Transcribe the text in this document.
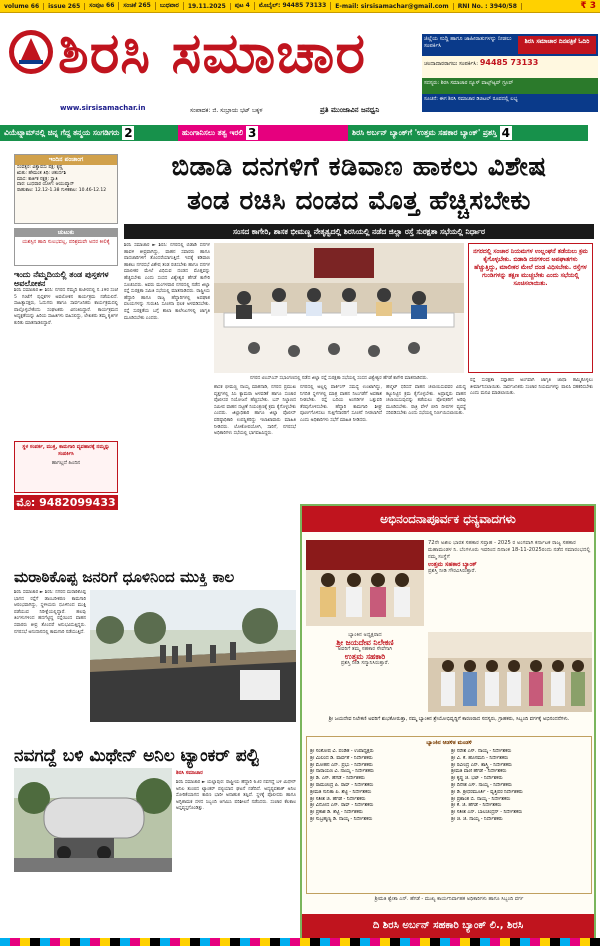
volume 66	issue 265	ಸಂಪುಟ 66	ಸಂಚಿಕೆ 265	ಬುಧವಾರ	19.11.2025	ಪುಟ 4	ಮೊಬೈಲ್: 94485 73133	E-mail: sirsisamachar@gmail.com	RNI No. : 3940/58	₹ 3
ಶಿರಸಿ ಸಮಾಚಾರ
www.sirsisamachar.in	ಸಂಪಾದಕ: ಜಿ. ಸುಬ್ರಾಯ ಭಟ್ ಬಕ್ಕಳ	ಪ್ರತಿ ಮುಂಜಾವಿನ ಜನಧ್ವನಿ
ಜಿಲ್ಲೆಯ ಸುದ್ದಿ ಹಾಗೂ ಜಾಹೀರಾತುಗಳನ್ನು ನೀಡಲು ಸಂಪರ್ಕಿಸಿ
ಶಿರಸಿ ಸಮಾಚಾರ ದಿನಪತ್ರಿಕೆ ಓದಿರಿ
ಚಂದಾದಾರರಾಗಲು ಸಂಪರ್ಕಿಸಿ: 94485 73133
ಸದಸ್ಯರು: ಶಿರಸಿ ಸಮಾಚಾರ ನ್ಯೂಸ್ ವಾಟ್ಸ್ಆ್ಯಪ್ ಗ್ರೂಪ್
ಸೂಚನೆ: ಈಗ ಶಿರಸಿ ಸಮಾಚಾರ ಡಿಜಿಟಲ್ ರೂಪದಲ್ಲಿ ಲಭ್ಯ
ವಿಯೆಟ್ನಾಮ್‌ನಲ್ಲಿ ಚಿನ್ನ ಗೆದ್ದ ತನ್ಮಯ ಸಂಗಡಿಗರು 2	ಹುಂಗಾನಿಸಲು ತತ್ವ ಇರಲಿ 3	ಶಿರಸಿ ಅರ್ಬನ್ ಬ್ಯಾಂಕ್‌ಗೆ 'ಉತ್ತಮ ಸಹಕಾರ ಬ್ಯಾಂಕ್' ಪ್ರಶಸ್ತಿ 4
ಇಂದಿನ ಪಂಚಾಂಗ
ಸಂವತ್ಸರ: ವಿಶ್ವಾವಸು ಪಕ್ಷ: ಕೃಷ್ಣ
ಋತು: ಹೇಮಂತ ತಿಥಿ: ಚತುರ್ದಶಿ
ಮಾಸ: ಕಾರ್ತಿಕ ನಕ್ಷತ್ರ: ಸ್ವಾತಿ
ವಾರ: ಬುಧವಾರ ಯೋಗ: ಆಯುಷ್ಮಾನ್
ರಾಹುಕಾಲ: 12.12-1.38 ಗುಳಿಕಕಾಲ: 10.46-12.12
ಚುಟುಕು
ಯಶಸ್ಸಿನ ಹಾದಿ ಸುಲಭವಲ್ಲ, ಪರಿಶ್ರಮವೇ ಅದರ ಕೀಲಿಕೈ
ಇಂದು ನೆಮ್ಮದಿಯಲ್ಲಿ ತಂಡ ಪುಸ್ತಕಗಳ ಅವಲೋಕನ
ಶಿರಸಿ ಸಮಾಚಾರ ► ಶಿರಸಿ: ನಗರದ ನೆಮ್ಮದಿ ಕುಟೀರದಲ್ಲಿ ನ.19ರ ಸಂಜೆ 5 ಗಂಟೆಗೆ ಪುಸ್ತಕಗಳ ಅವಲೋಕನ ಕಾರ್ಯಕ್ರಮ ನಡೆಯಲಿದೆ. ಸಾಹಿತ್ಯಾಸಕ್ತರು, ಓದುಗರು ಹಾಗೂ ಸಾರ್ವಜನಿಕರು ಕಾರ್ಯಕ್ರಮದಲ್ಲಿ ಪಾಲ್ಗೊಳ್ಳಬೇಕೆಂದು ಸಂಘಟಕರು ವಿನಂತಿಸಿದ್ದಾರೆ. ಕಾರ್ಯಕ್ರಮದ ಅಧ್ಯಕ್ಷತೆಯನ್ನು ಹಿರಿಯ ಸಾಹಿತಿಗಳು ವಹಿಸಲಿದ್ದು, ಲೇಖಕರು ತಮ್ಮ ಕೃತಿಗಳ ಕುರಿತು ಮಾತನಾಡಲಿದ್ದಾರೆ.
ಸ್ಥಳ ಸಂಪರ್ಕ, ಮುಕ್ತ, ಕಾಮಗಾರಿ ವ್ಯವಹಾರಕ್ಕೆ ನಮ್ಮನ್ನು ಸಂಪರ್ಕಿಸಿ
ಹಾಗಲ್ಲದೆ ಹಿಂದಿನ
ಮೊ: 9482099433
ಬಿಡಾಡಿ ದನಗಳಿಗೆ ಕಡಿವಾಣ ಹಾಕಲು ವಿಶೇಷ
ತಂಡ ರಚಿಸಿ ದಂಡದ ಮೊತ್ತ ಹೆಚ್ಚಿಸಬೇಕು
ಸಂಸದ ಕಾಗೇರಿ, ಶಾಸಕ ಭೀಮಣ್ಣ ನೇತೃತ್ವದಲ್ಲಿ ಶಿರಸಿಯಲ್ಲಿ ನಡೆದ ಜಿಲ್ಲಾ ರಸ್ತೆ ಸುರಕ್ಷತಾ ಸಭೆಯಲ್ಲಿ ನಿರ್ಧಾರ
ಶಿರಸಿ ಸಮಾಚಾರ ► ಶಿರಸಿ: ನಗರದಲ್ಲಿ ಬಿಡಾಡಿ ದನಗಳ ಹಾವಳಿ ತೀವ್ರವಾಗಿದ್ದು, ವಾಹನ ಸವಾರರು ಹಾಗೂ ಪಾದಚಾರಿಗಳಿಗೆ ತೊಂದರೆಯಾಗುತ್ತಿದೆ. ಇದಕ್ಕೆ ಕಡಿವಾಣ ಹಾಕಲು ನಗರಸಭೆ ವಿಶೇಷ ತಂಡ ರಚಿಸಬೇಕು ಹಾಗೂ ದನಗಳ ಮಾಲೀಕರ ಮೇಲೆ ವಿಧಿಸುವ ದಂಡದ ಮೊತ್ತವನ್ನು ಹೆಚ್ಚಿಸಬೇಕು ಎಂದು ಸಂಸದ ವಿಶ್ವೇಶ್ವರ ಹೆಗಡೆ ಕಾಗೇರಿ ಸೂಚಿಸಿದರು. ಅವರು ಮಂಗಳವಾರ ನಗರದಲ್ಲಿ ನಡೆದ ಜಿಲ್ಲಾ ರಸ್ತೆ ಸುರಕ್ಷತಾ ಸಮಿತಿ ಸಭೆಯಲ್ಲಿ ಮಾತನಾಡಿದರು. ರಾಷ್ಟ್ರೀಯ ಹೆದ್ದಾರಿ ಹಾಗೂ ರಾಜ್ಯ ಹೆದ್ದಾರಿಗಳಲ್ಲಿ ಅಪಘಾತ ವಲಯಗಳನ್ನು ಗುರುತಿಸಿ ಸೂಚನಾ ಫಲಕ ಅಳವಡಿಸಬೇಕು. ರಸ್ತೆ ಸುರಕ್ಷತೆಯ ಬಗ್ಗೆ ಶಾಲಾ ಕಾಲೇಜುಗಳಲ್ಲಿ ಜಾಗೃತಿ ಮೂಡಿಸಬೇಕು ಎಂದರು.
ನಗರದ ಟಿಎಸ್‌ಎಸ್ ಸಭಾಂಗಣದಲ್ಲಿ ನಡೆದ ಜಿಲ್ಲಾ ರಸ್ತೆ ಸುರಕ್ಷತಾ ಸಭೆಯಲ್ಲಿ ಸಂಸದ ವಿಶ್ವೇಶ್ವರ ಹೆಗಡೆ ಕಾಗೇರಿ ಮಾತನಾಡಿದರು.

ನಗರದಲ್ಲಿ ಸಂಚಾರ ನಿಯಮಗಳ ಉಲ್ಲಂಘನೆ ತಡೆಯಲು ಕ್ರಮ ಕೈಗೊಳ್ಳಬೇಕು. ಬಿಡಾಡಿ ದನಗಳಿಂದ ಅಪಘಾತಗಳು ಹೆಚ್ಚುತ್ತಿದ್ದು, ಮಾಲೀಕರ ಮೇಲೆ ದಂಡ ವಿಧಿಸಬೇಕು. ರಸ್ತೆಗಳ ಗುಂಡಿಗಳನ್ನು ತಕ್ಷಣ ಮುಚ್ಚಬೇಕು ಎಂದು ಸಭೆಯಲ್ಲಿ ಸೂಚಿಸಲಾಯಿತು.

ಶಾಸಕ ಭೀಮಣ್ಣ ನಾಯ್ಕ ಮಾತನಾಡಿ, ನಗರದ ಪ್ರಮುಖ ವೃತ್ತಗಳಲ್ಲಿ ಸಿಸಿ ಕ್ಯಾಮರಾ ಅಳವಡಿಕೆ ಹಾಗೂ ಸಂಚಾರ ಪೊಲೀಸರ ನಿಯೋಜನೆ ಹೆಚ್ಚಿಸಬೇಕು. ಬಸ್ ನಿಲ್ದಾಣದ ಸಮೀಪ ವಾಹನ ದಟ್ಟಣೆ ನಿಯಂತ್ರಣಕ್ಕೆ ಕ್ರಮ ಕೈಗೊಳ್ಳಬೇಕು ಎಂದರು. ಜಿಲ್ಲಾಧಿಕಾರಿ ಹಾಗೂ ಜಿಲ್ಲಾ ಪೊಲೀಸ್ ವರಿಷ್ಠಾಧಿಕಾರಿ ಉಪಸ್ಥಿತರಿದ್ದು ಇಲಾಖಾವಾರು ಮಾಹಿತಿ ನೀಡಿದರು. ಲೋಕೋಪಯೋಗಿ, ಸಾರಿಗೆ, ನಗರಸಭೆ ಅಧಿಕಾರಿಗಳು ಸಭೆಯಲ್ಲಿ ಭಾಗವಹಿಸಿದ್ದರು.
ನಗರದಲ್ಲಿ ಅಲ್ಲಲ್ಲಿ ಪಾರ್ಕಿಂಗ್ ಸಮಸ್ಯೆ ಉಂಟಾಗಿದ್ದು, ನಿಗದಿತ ಸ್ಥಳಗಳಲ್ಲಿ ಮಾತ್ರ ವಾಹನ ನಿಲುಗಡೆಗೆ ಅವಕಾಶ ನೀಡಬೇಕು. ರಸ್ತೆ ಬದಿಯ ಅಂಗಡಿಗಳ ಒತ್ತುವರಿ ತೆರವುಗೊಳಿಸಬೇಕು. ಹೆದ್ದಾರಿ ಕಾಮಗಾರಿ ಶೀಘ್ರ ಪೂರ್ಣಗೊಳಿಸಲು ಗುತ್ತಿಗೆದಾರರಿಗೆ ಸೂಚನೆ ನೀಡಲಾಗಿದೆ ಎಂದು ಅಧಿಕಾರಿಗಳು ಸಭೆಗೆ ಮಾಹಿತಿ ನೀಡಿದರು.
ಹೆಲ್ಮೆಟ್ ಧರಿಸದೆ ವಾಹನ ಚಲಾಯಿಸುವವರ ವಿರುದ್ಧ ಕಟ್ಟುನಿಟ್ಟಿನ ಕ್ರಮ ಕೈಗೊಳ್ಳಬೇಕು. ಅಪ್ರಾಪ್ತರು ವಾಹನ ಚಲಾಯಿಸುವುದನ್ನು ತಡೆಯಲು ಪೋಷಕರಿಗೆ ಅರಿವು ಮೂಡಿಸಬೇಕು. ರಾತ್ರಿ ವೇಳೆ ಬೀದಿ ದೀಪಗಳ ವ್ಯವಸ್ಥೆ ಸರಿಪಡಿಸಬೇಕು ಎಂದು ಸಭೆಯಲ್ಲಿ ನಿರ್ಣಯಿಸಲಾಯಿತು.
ರಸ್ತೆ ಸುರಕ್ಷತಾ ಸಪ್ತಾಹದ ಅಂಗವಾಗಿ ಜಾಗೃತಿ ಜಾಥಾ ಹಮ್ಮಿಕೊಳ್ಳಲು ತೀರ್ಮಾನಿಸಲಾಯಿತು. ಸಾರ್ವಜನಿಕರು ಸಂಚಾರ ನಿಯಮಗಳನ್ನು ಪಾಲಿಸಿ ಸಹಕರಿಸಬೇಕು ಎಂದು ಮನವಿ ಮಾಡಲಾಯಿತು.
ಮರಾಠಿಕೊಪ್ಪ ಜನರಿಗೆ ಧೂಳಿನಿಂದ ಮುಕ್ತಿ ಕಾಲ
ಶಿರಸಿ ಸಮಾಚಾರ ► ಶಿರಸಿ: ನಗರದ ಮರಾಠಿಕೊಪ್ಪ ಭಾಗದ ರಸ್ತೆಗೆ ಡಾಂಬರೀಕರಣ ಕಾಮಗಾರಿ ಆರಂಭವಾಗಿದ್ದು, ಸ್ಥಳೀಯರು ಧೂಳಿನಿಂದ ಮುಕ್ತಿ ಪಡೆಯುವ ನಿರೀಕ್ಷೆಯಲ್ಲಿದ್ದಾರೆ. ಹಲವು ತಿಂಗಳುಗಳಿಂದ ಹದಗೆಟ್ಟಿದ್ದ ರಸ್ತೆಯಿಂದ ವಾಹನ ಸವಾರರು ತೀವ್ರ ತೊಂದರೆ ಅನುಭವಿಸುತ್ತಿದ್ದರು. ನಗರಸಭೆ ಅನುದಾನದಲ್ಲಿ ಕಾಮಗಾರಿ ನಡೆಯುತ್ತಿದೆ.
ನವಗದ್ದೆ ಬಳಿ ಮಿಥೇನ್ ಅನಿಲ ಟ್ಯಾಂಕರ್ ಪಲ್ಟಿ
ಶಿರಸಿ ಸಮಾಚಾರ
ಶಿರಸಿ ಸಮಾಚಾರ ► ಯಲ್ಲಾಪುರ: ರಾಷ್ಟ್ರೀಯ ಹೆದ್ದಾರಿ 63ರ ನವಗದ್ದೆ ಬಳಿ ಮಿಥೇನ್ ಅನಿಲ ತುಂಬಿದ ಟ್ಯಾಂಕರ್ ಪಲ್ಟಿಯಾದ ಘಟನೆ ನಡೆದಿದೆ. ಅದೃಷ್ಟವಶಾತ್ ಅನಿಲ ಸೋರಿಕೆಯಾಗದ ಕಾರಣ ಭಾರೀ ಅನಾಹುತ ತಪ್ಪಿದೆ. ಸ್ಥಳಕ್ಕೆ ಪೊಲೀಸರು ಹಾಗೂ ಅಗ್ನಿಶಾಮಕ ದಳದ ಸಿಬ್ಬಂದಿ ಆಗಮಿಸಿ ಪರಿಶೀಲನೆ ನಡೆಸಿದರು. ಸಂಚಾರ ಕೆಲಕಾಲ ಅಸ್ತವ್ಯಸ್ತಗೊಂಡಿತ್ತು.
ಅಭಿನಂದನಾಪೂರ್ವಕ ಧನ್ಯವಾದಗಳು
72ನೇ ಅಖಿಲ ಭಾರತ ಸಹಕಾರ ಸಪ್ತಾಹ - 2025 ರ ಅಂಗವಾಗಿ ಕರ್ನಾಟಕ ರಾಜ್ಯ ಸಹಕಾರ ಮಹಾಮಂಡಳ ನಿ. ಬೆಂಗಳೂರು ಇವರಿಂದ ದಿನಾಂಕ 18-11-2025ರಂದು ನಡೆದ ಸಮಾರಂಭದಲ್ಲಿ ನಮ್ಮ ಸಂಸ್ಥೆಗೆ
ಉತ್ತಮ ಸಹಕಾರ ಬ್ಯಾಂಕ್
ಪ್ರಶಸ್ತಿ ನೀಡಿ ಗೌರವಿಸಿರುತ್ತಾರೆ.
ಬ್ಯಾಂಕಿನ ಅಧ್ಯಕ್ಷರಾದ
ಶ್ರೀ ಜಯದೇವ ನಿಲೇಕಣಿ
ಅವರಿಗೆ ತಮ್ಮ ಸಹಕಾರ ಸೇವೆಗಾಗಿ
ಉತ್ತಮ ಸಹಕಾರಿ
ಪ್ರಶಸ್ತಿ ನೀಡಿ ಸನ್ಮಾನಿಸಿರುತ್ತಾರೆ.
ಶ್ರೀ ಜಯದೇವ ನಿಲೇಕಣಿ ಅವರಿಗೆ ಶುಭಕೋರುತ್ತಾ, ನಮ್ಮ ಬ್ಯಾಂಕಿನ ಶ್ರೇಯೋಭಿವೃದ್ಧಿಗೆ ಕಾರಣರಾದ ಸದಸ್ಯರು, ಗ್ರಾಹಕರು, ಸಿಬ್ಬಂದಿ ವರ್ಗಕ್ಕೆ ಅಭಿನಂದನೆಗಳು.
ಬ್ಯಾಂಕಿನ ಆಡಳಿತ ಮಂಡಳಿ
ಶ್ರೀ ಸಂತೋಷ ವಿ. ಪಂಡಿತ - ಉಪಾಧ್ಯಕ್ಷರು
ಶ್ರೀ ಮಿಲಿಂದ ಡಿ. ಪಾರ್ವತೆ - ನಿರ್ದೇಶಕರು
ಶ್ರೀ ಮೋಹನ ಎನ್. ಪ್ರಭು - ನಿರ್ದೇಶಕರು
ಶ್ರೀ ನಾರಾಯಣ ವಿ. ನಾಯ್ಕ - ನಿರ್ದೇಶಕರು
ಶ್ರೀ ಡಿ. ಎಸ್. ಹೆಗಡೆ - ನಿರ್ದೇಶಕರು
ಶ್ರೀ ರಾಮಚಂದ್ರ ಪಿ. ರಾವ್ - ನಿರ್ದೇಶಕರು
ಶ್ರೀಮತಿ ಸುನಿತಾ ಪಿ. ಶೆಟ್ಟಿ - ನಿರ್ದೇಶಕರು
ಶ್ರೀ ಸತೀಶ ಜಿ. ಹೆಗಡೆ - ನಿರ್ದೇಶಕರು
ಶ್ರೀ ವಿನೋದ ಎಸ್. ರಾವ್ - ನಿರ್ದೇಶಕರು
ಶ್ರೀ ಪ್ರಕಾಶ ಡಿ. ಶೆಟ್ಟಿ - ನಿರ್ದೇಶಕರು
ಶ್ರೀ ಸುಬ್ರಹ್ಮಣ್ಯ ಡಿ. ನಾಯ್ಕ - ನಿರ್ದೇಶಕರು
ಶ್ರೀ ನರೇಶ ಎಸ್. ನಾಯ್ಕ - ನಿರ್ದೇಶಕರು
ಶ್ರೀ ವಿ. ಕೆ. ಹೊಸಮನಿ - ನಿರ್ದೇಶಕರು
ಶ್ರೀ ರವೀಂದ್ರ ಎನ್. ಶಾಸ್ತ್ರಿ - ನಿರ್ದೇಶಕರು
ಶ್ರೀಮತಿ ವಾಣಿ ಹೆಗಡೆ - ನಿರ್ದೇಶಕರು
ಶ್ರೀ ಕೃಷ್ಣ ಜಿ. ಭಟ್ - ನಿರ್ದೇಶಕರು
ಶ್ರೀ ದಿನೇಶ ಎಸ್. ನಾಯ್ಕ - ನಿರ್ದೇಶಕರು
ಶ್ರೀ ಡಿ. ಶ್ರೀಧರಮೂರ್ತಿ - ವೃತ್ತಿಪರ ನಿರ್ದೇಶಕರು
ಶ್ರೀ ಪ್ರಶಾಂತ ಬಿ. ನಾಯ್ಕ - ನಿರ್ದೇಶಕರು
ಶ್ರೀ ಕೆ. ಜಿ. ಹೆಗಡೆ - ನಿರ್ದೇಶಕರು
ಶ್ರೀ ಸತೀಶ ಎನ್. ಬಾಲಚಂದ್ರನ್ - ನಿರ್ದೇಶಕರು
ಶ್ರೀ ಜಿ. ಜಿ. ನಾಯ್ಕ - ನಿರ್ದೇಶಕರು
ಶ್ರೀಮತಿ ಶ್ವೇತಾ ಎನ್. ಹೆಗಡೆ - ಮುಖ್ಯ ಕಾರ್ಯನಿರ್ವಾಹಕ ಅಧಿಕಾರಿಗಳು ಹಾಗೂ ಸಿಬ್ಬಂದಿ ವರ್ಗ
ದಿ ಶಿರಸಿ ಅರ್ಬನ್ ಸಹಕಾರಿ ಬ್ಯಾಂಕ್ ಲಿ., ಶಿರಸಿ
